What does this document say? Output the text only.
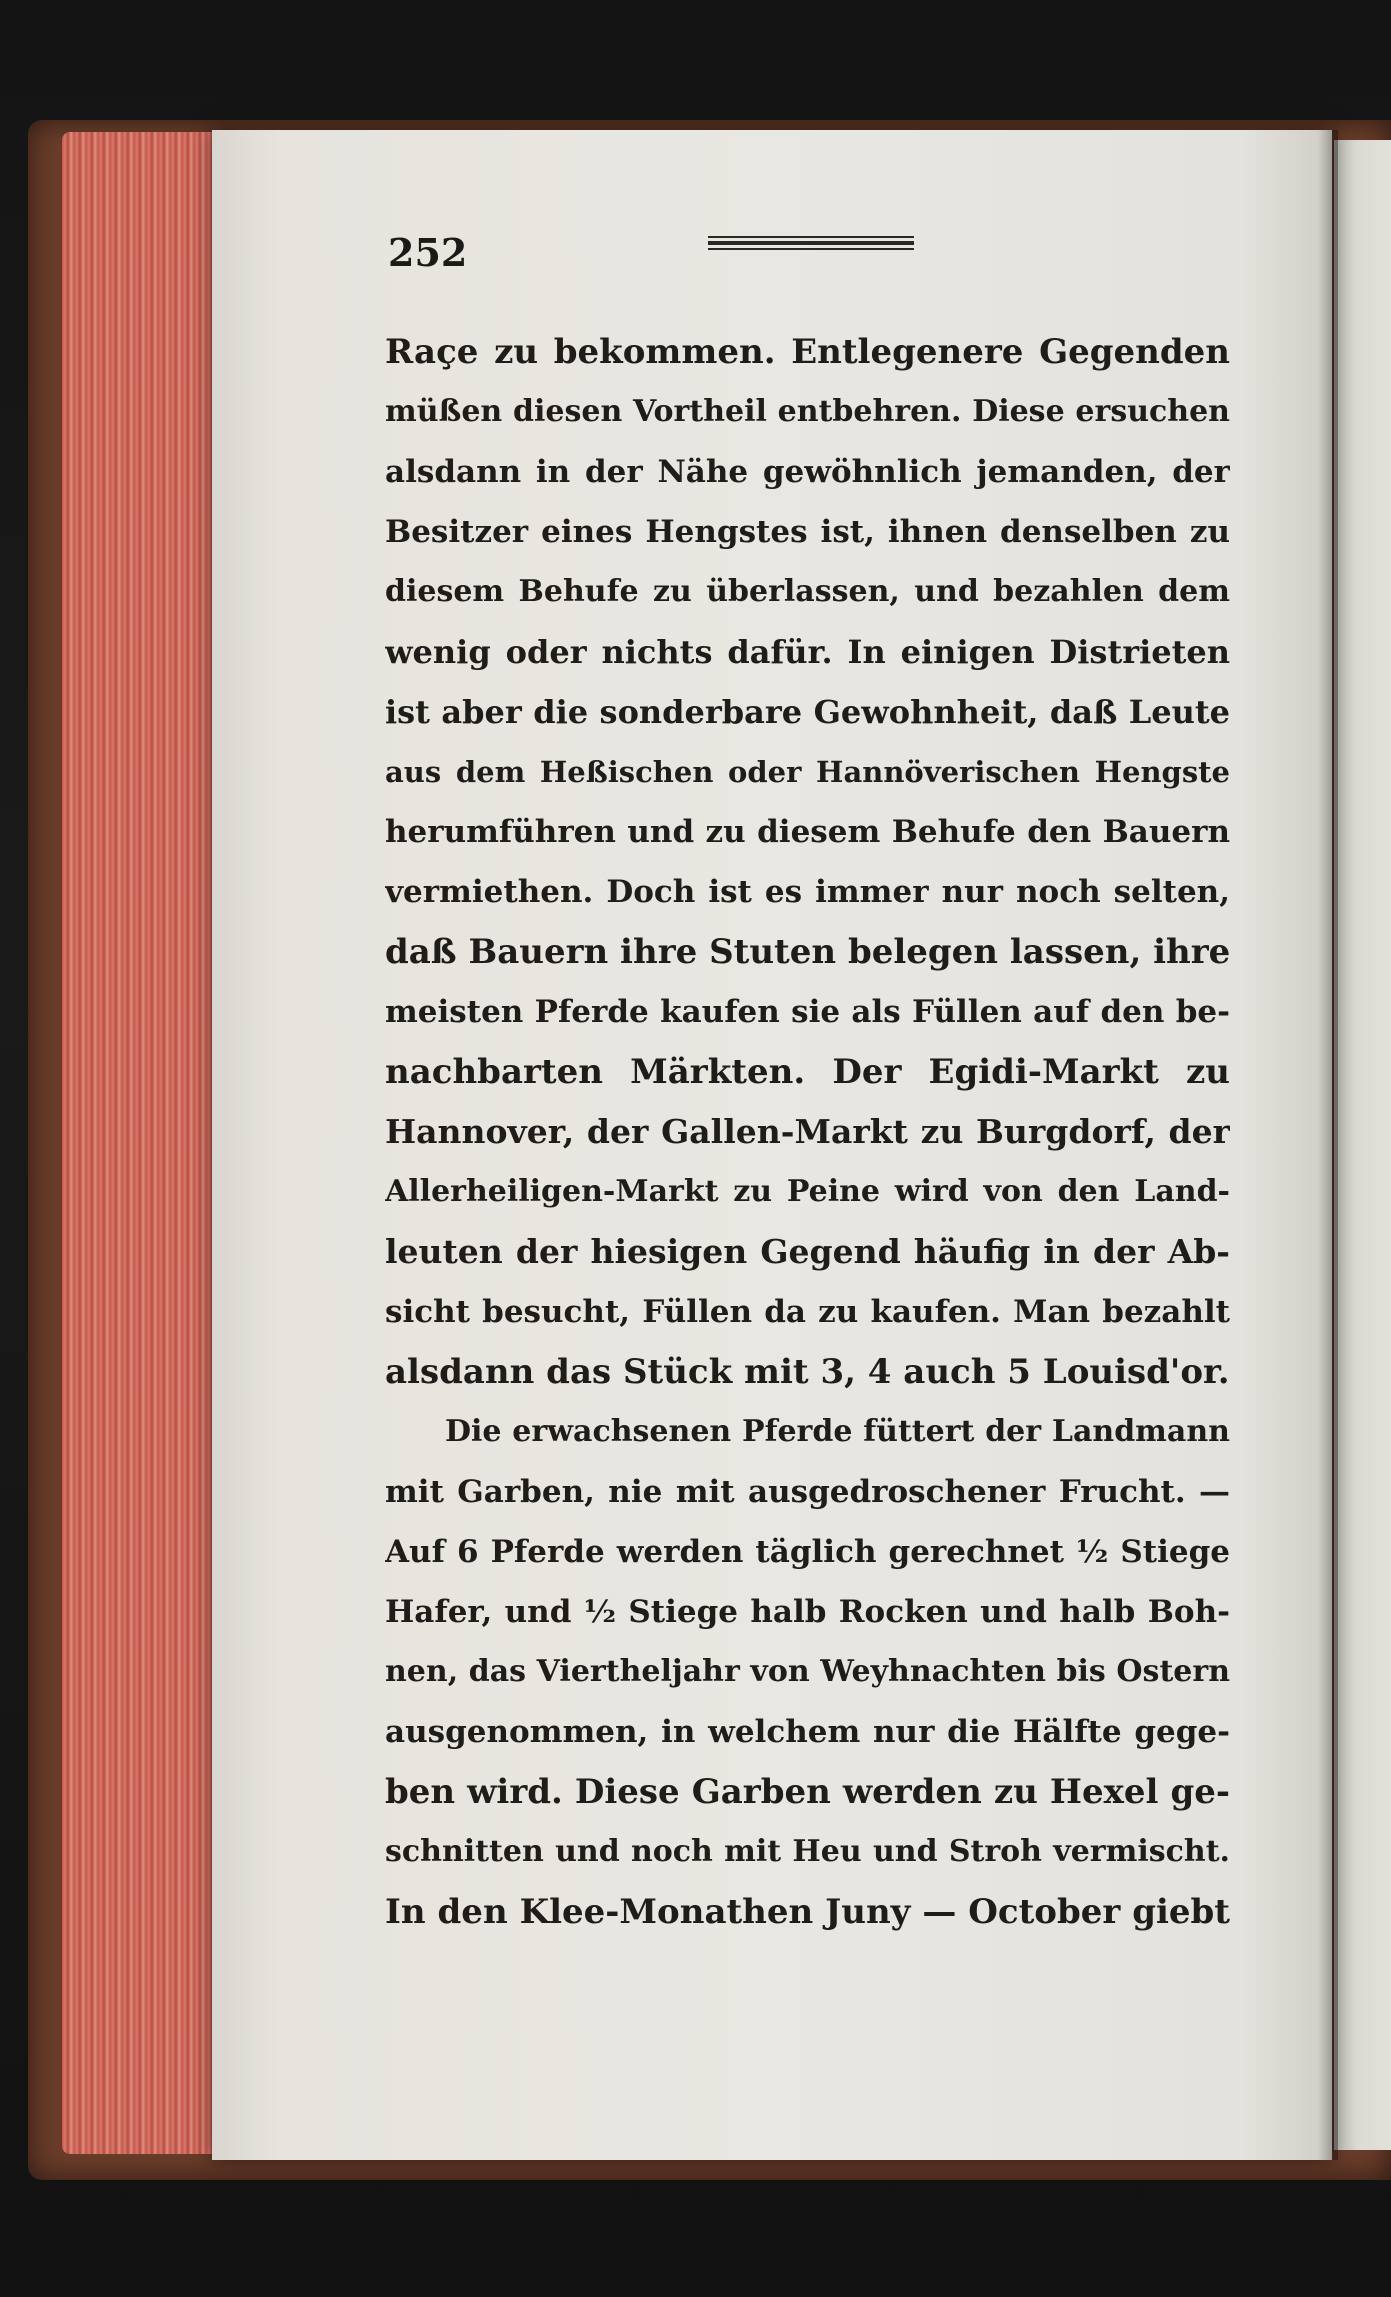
252
Raçe zu bekommen. Entlegenere Gegenden
müßen diesen Vortheil entbehren. Diese ersuchen
alsdann in der Nähe gewöhnlich jemanden, der
Besitzer eines Hengstes ist, ihnen denselben zu
diesem Behufe zu überlassen, und bezahlen dem
wenig oder nichts dafür. In einigen Distrieten
ist aber die sonderbare Gewohnheit, daß Leute
aus dem Heßischen oder Hannöverischen Hengste
herumführen und zu diesem Behufe den Bauern
vermiethen. Doch ist es immer nur noch selten,
daß Bauern ihre Stuten belegen lassen, ihre
meisten Pferde kaufen sie als Füllen auf den be-
nachbarten Märkten. Der Egidi-Markt zu
Hannover, der Gallen-Markt zu Burgdorf, der
Allerheiligen-Markt zu Peine wird von den Land-
leuten der hiesigen Gegend häufig in der Ab-
sicht besucht, Füllen da zu kaufen. Man bezahlt
alsdann das Stück mit 3, 4 auch 5 Louisd'or.
Die erwachsenen Pferde füttert der Landmann
mit Garben, nie mit ausgedroschener Frucht. —
Auf 6 Pferde werden täglich gerechnet ½ Stiege
Hafer, und ½ Stiege halb Rocken und halb Boh-
nen, das Viertheljahr von Weyhnachten bis Ostern
ausgenommen, in welchem nur die Hälfte gege-
ben wird. Diese Garben werden zu Hexel ge-
schnitten und noch mit Heu und Stroh vermischt.
In den Klee-Monathen Juny — October giebt
